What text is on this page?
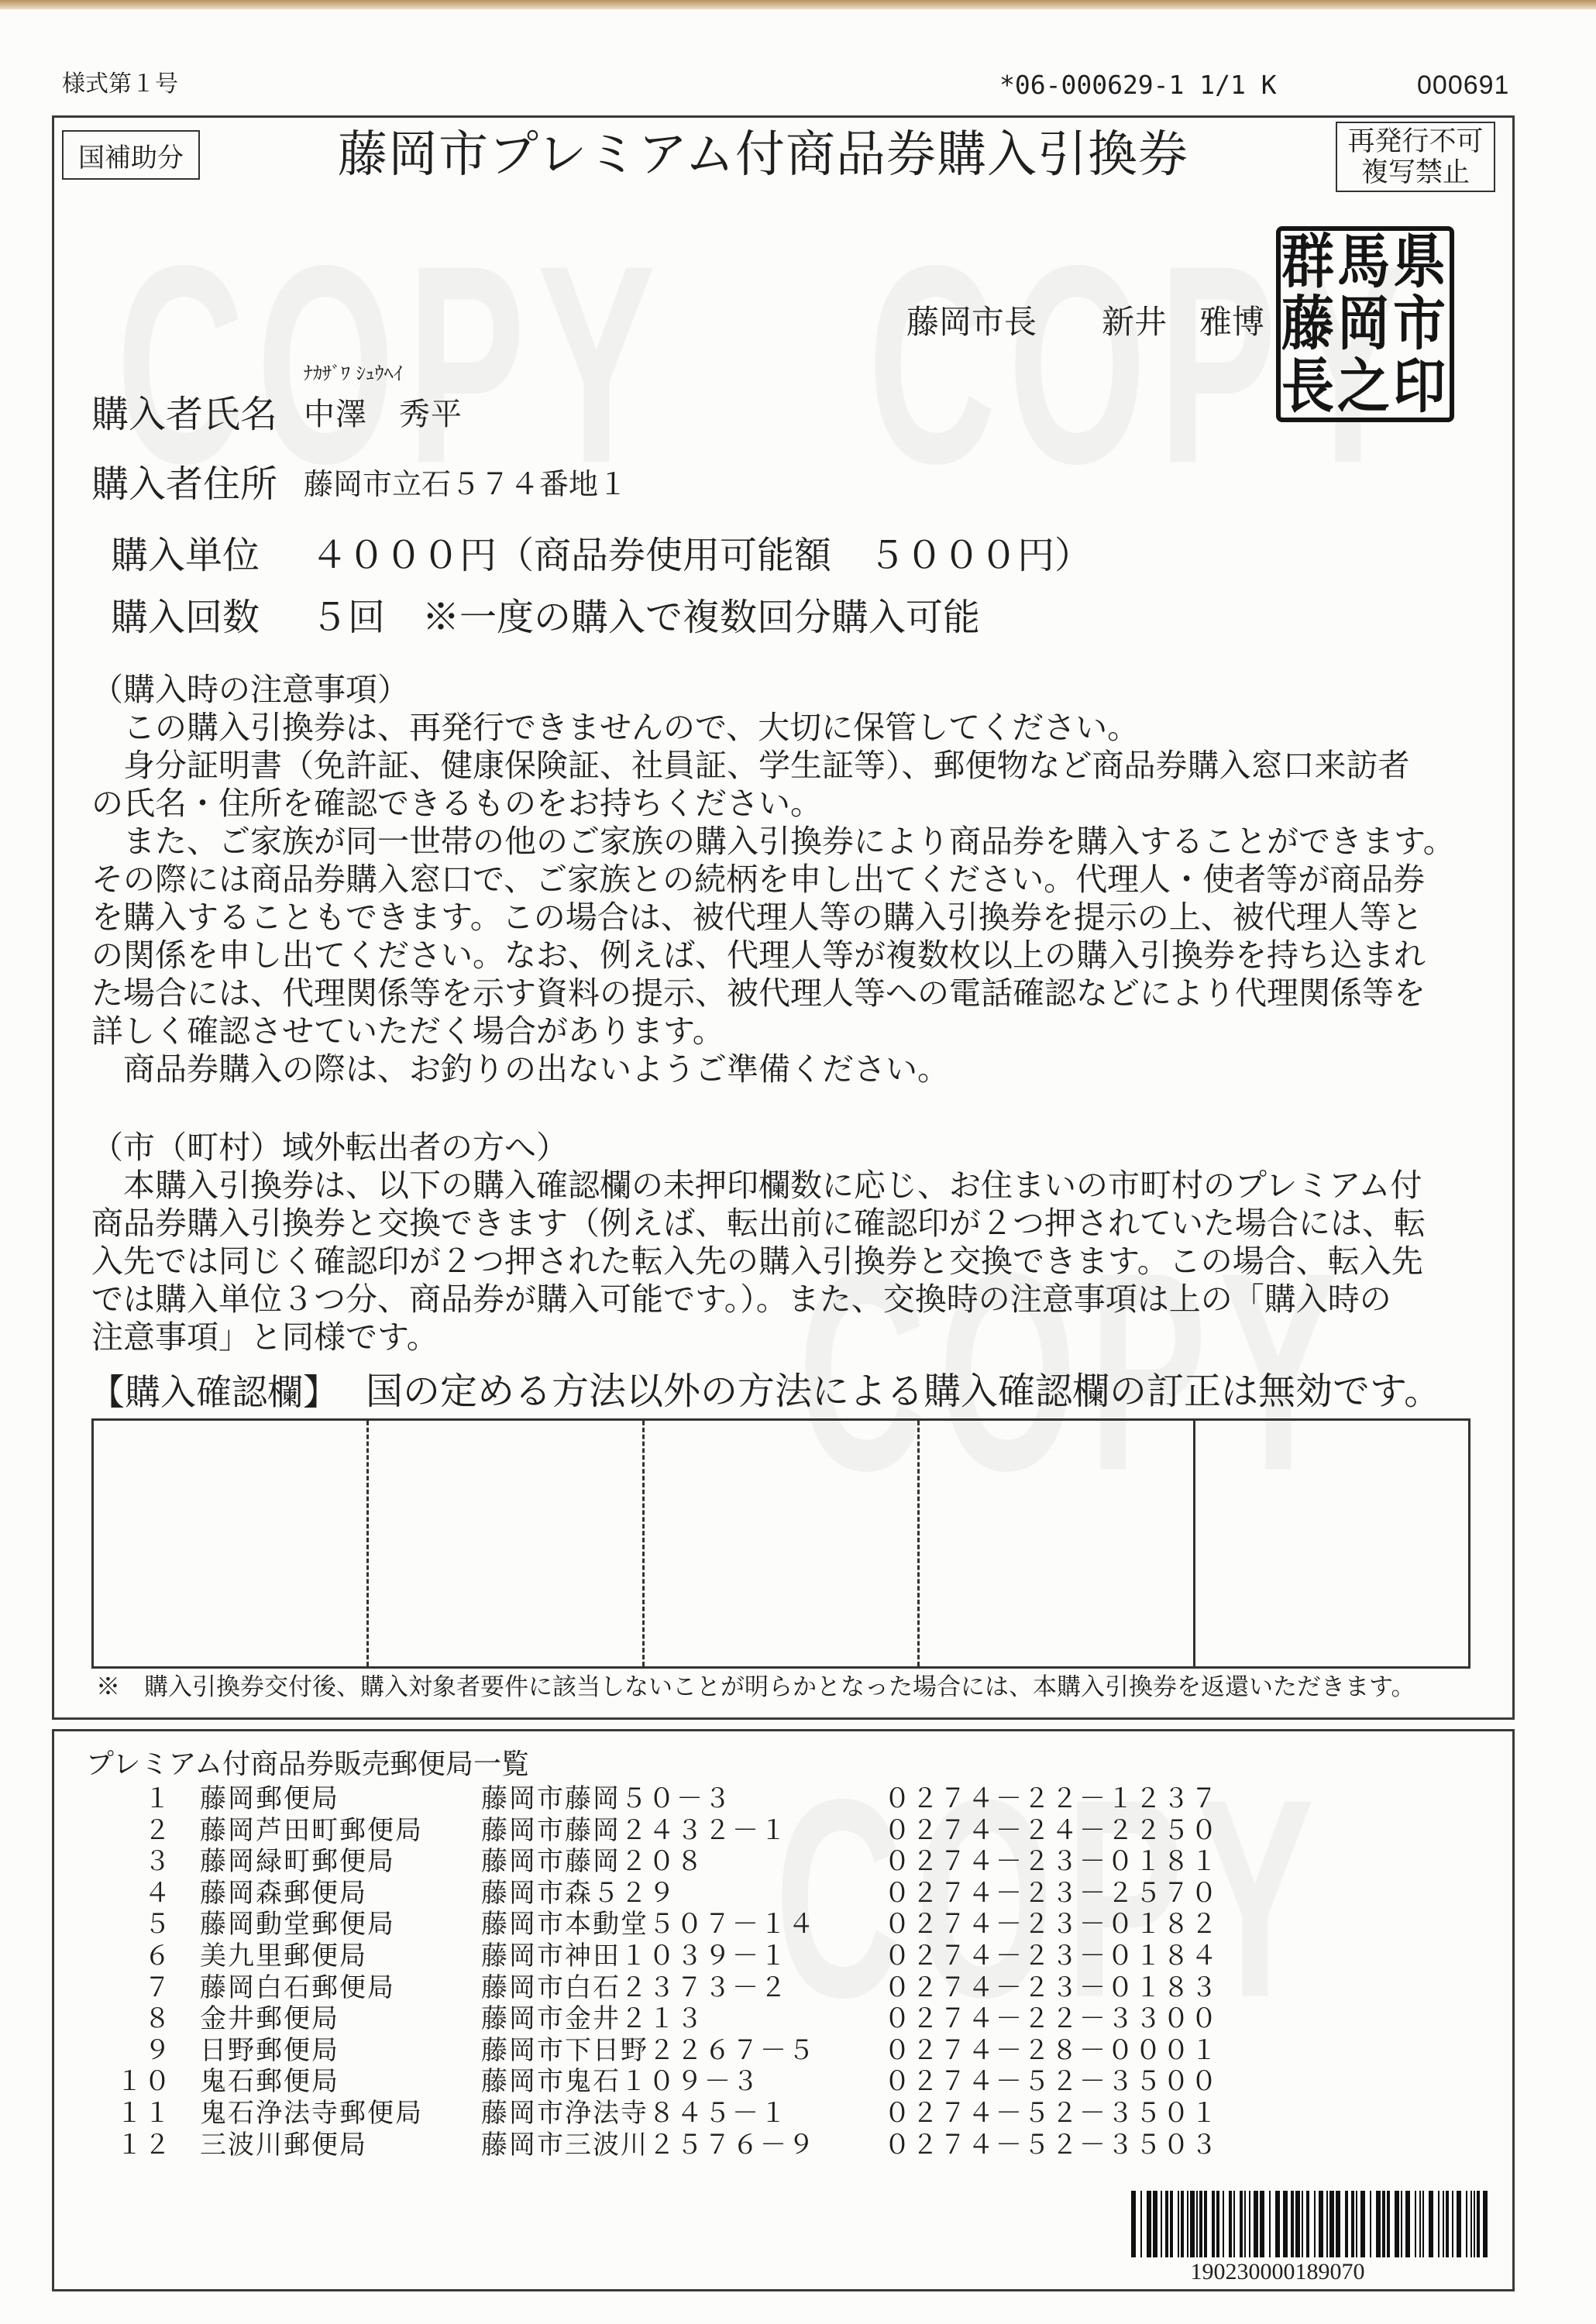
様式第１号	*06-000629-1 1/1 K	000691
国補助分	藤岡市プレミアム付商品券購入引換券	再発行不可
複写禁止
藤岡市長 新井　雅博
群馬県
藤岡市
長之印
ﾅｶｻﾞﾜ ｼｭｳﾍｲ
購入者氏名 中澤　秀平
購入者住所 藤岡市立石５７４番地１
購入単位 ４０００円（商品券使用可能額　５０００円）
購入回数 ５回 ※一度の購入で複数回分購入可能
（購入時の注意事項）
　この購入引換券は、再発行できませんので、大切に保管してください。
　身分証明書（免許証、健康保険証、社員証、学生証等）、郵便物など商品券購入窓口来訪者
の氏名・住所を確認できるものをお持ちください。
　また、ご家族が同一世帯の他のご家族の購入引換券により商品券を購入することができます。
その際には商品券購入窓口で、ご家族との続柄を申し出てください。代理人・使者等が商品券
を購入することもできます。この場合は、被代理人等の購入引換券を提示の上、被代理人等と
の関係を申し出てください。なお、例えば、代理人等が複数枚以上の購入引換券を持ち込まれ
た場合には、代理関係等を示す資料の提示、被代理人等への電話確認などにより代理関係等を
詳しく確認させていただく場合があります。
　商品券購入の際は、お釣りの出ないようご準備ください。
（市（町村）域外転出者の方へ）
　本購入引換券は、以下の購入確認欄の未押印欄数に応じ、お住まいの市町村のプレミアム付
商品券購入引換券と交換できます（例えば、転出前に確認印が２つ押されていた場合には、転
入先では同じく確認印が２つ押された転入先の購入引換券と交換できます。この場合、転入先
では購入単位３つ分、商品券が購入可能です。）。また、交換時の注意事項は上の「購入時の
注意事項」と同様です。
【購入確認欄】 国の定める方法以外の方法による購入確認欄の訂正は無効です。
※　購入引換券交付後、購入対象者要件に該当しないことが明らかとなった場合には、本購入引換券を返還いただきます。
プレミアム付商品券販売郵便局一覧
１ 藤岡郵便局	藤岡市藤岡５０－３	０２７４－２２－１２３７
２ 藤岡芦田町郵便局 藤岡市藤岡２４３２－１	０２７４－２４－２２５０
３ 藤岡緑町郵便局	藤岡市藤岡２０８	０２７４－２３－０１８１
４ 藤岡森郵便局	藤岡市森５２９	０２７４－２３－２５７０
５ 藤岡動堂郵便局	藤岡市本動堂５０７－１４	０２７４－２３－０１８２
６ 美九里郵便局	藤岡市神田１０３９－１	０２７４－２３－０１８４
７ 藤岡白石郵便局	藤岡市白石２３７３－２	０２７４－２３－０１８３
８ 金井郵便局	藤岡市金井２１３	０２７４－２２－３３００
９ 日野郵便局	藤岡市下日野２２６７－５	０２７４－２８－０００１
１０ 鬼石郵便局	藤岡市鬼石１０９－３	０２７４－５２－３５００
１１ 鬼石浄法寺郵便局 藤岡市浄法寺８４５－１	０２７４－５２－３５０１
１２ 三波川郵便局	藤岡市三波川２５７６－９	０２７４－５２－３５０３
190230000189070
